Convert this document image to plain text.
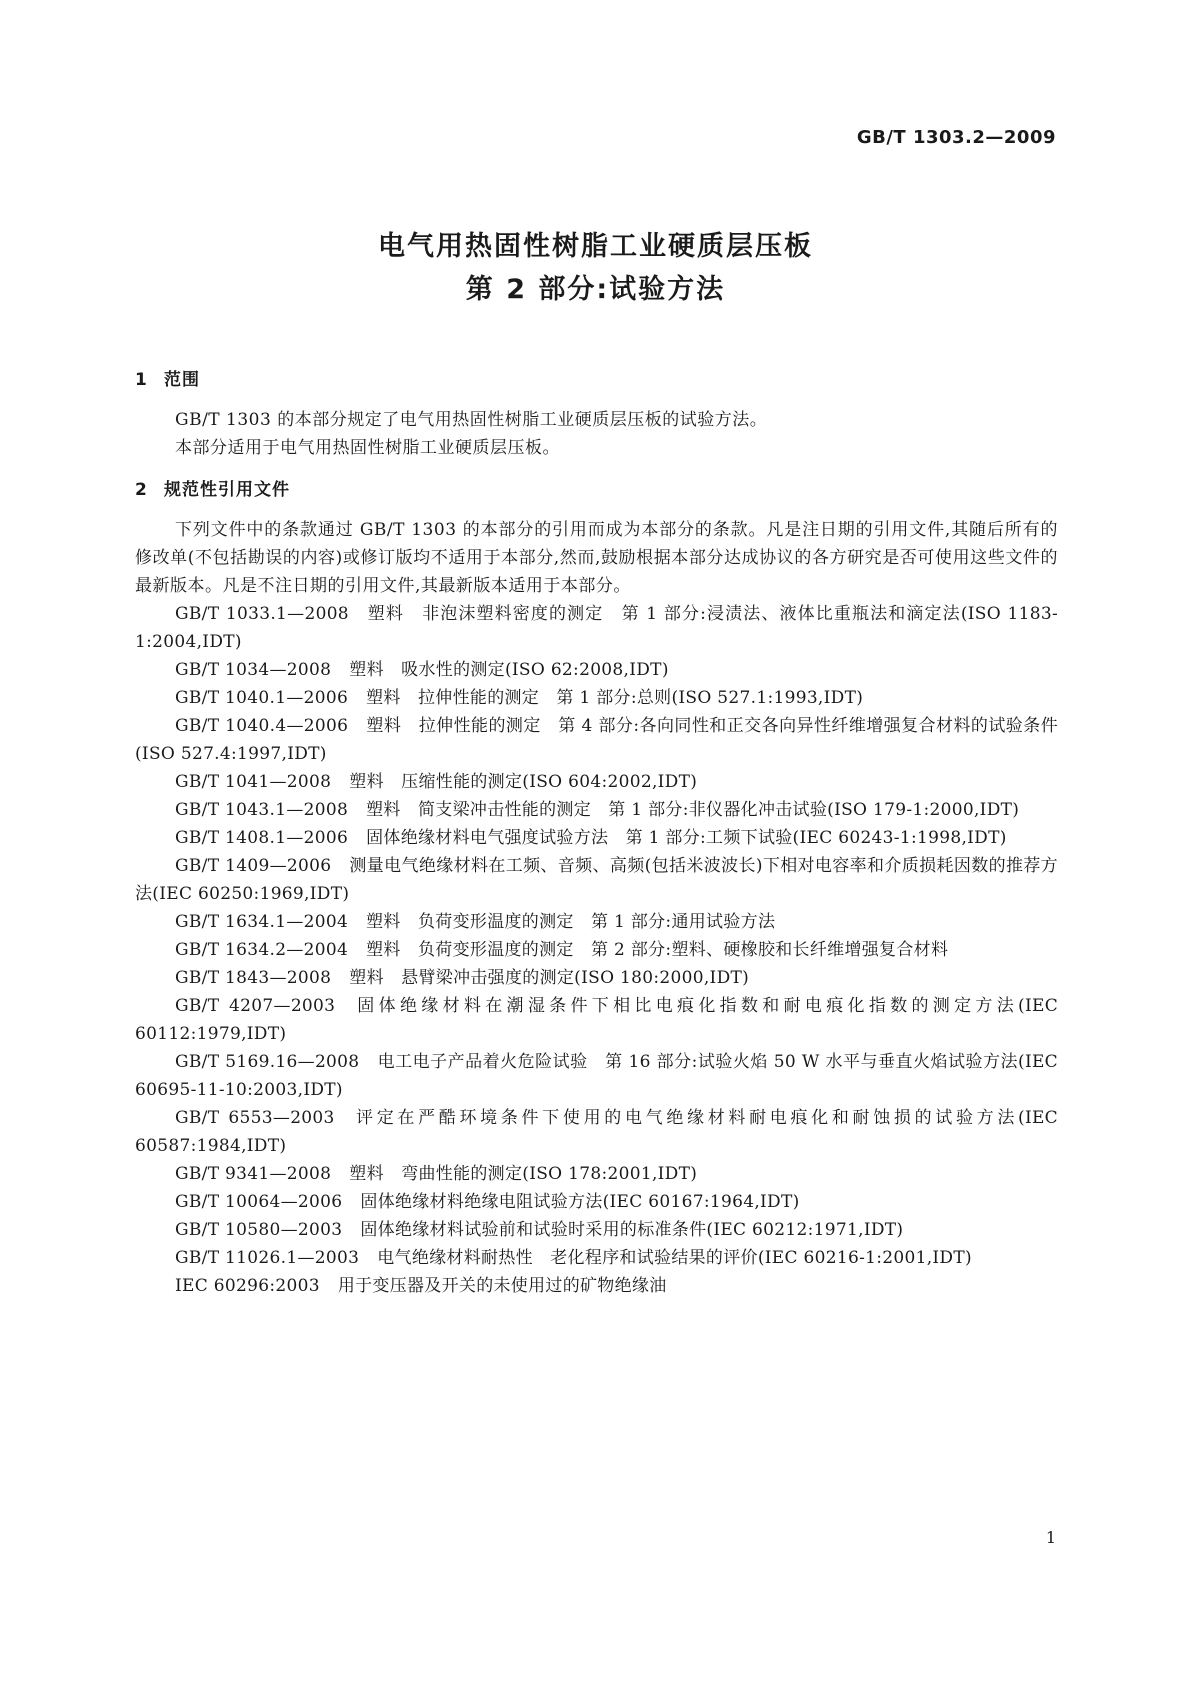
GB/T 1303.2—2009
电气用热固性树脂工业硬质层压板
第 2 部分:试验方法
1 范围

GB/T 1303 的本部分规定了电气用热固性树脂工业硬质层压板的试验方法。

本部分适用于电气用热固性树脂工业硬质层压板。

2 规范性引用文件

下列文件中的条款通过 GB/T 1303 的本部分的引用而成为本部分的条款。凡是注日期的引用文件,其随后所有的修改单(不包括勘误的内容)或修订版均不适用于本部分,然而,鼓励根据本部分达成协议的各方研究是否可使用这些文件的最新版本。凡是不注日期的引用文件,其最新版本适用于本部分。

GB/T 1033.1—2008 塑料　非泡沫塑料密度的测定　第 1 部分:浸渍法、液体比重瓶法和滴定法(ISO 1183-1:2004,IDT)

GB/T 1034—2008 塑料　吸水性的测定(ISO 62:2008,IDT)

GB/T 1040.1—2006 塑料　拉伸性能的测定　第 1 部分:总则(ISO 527.1:1993,IDT)

GB/T 1040.4—2006 塑料　拉伸性能的测定　第 4 部分:各向同性和正交各向异性纤维增强复合材料的试验条件 (ISO 527.4:1997,IDT)

GB/T 1041—2008 塑料　压缩性能的测定(ISO 604:2002,IDT)

GB/T 1043.1—2008 塑料　简支梁冲击性能的测定　第 1 部分:非仪器化冲击试验(ISO 179-1:2000,IDT)

GB/T 1408.1—2006 固体绝缘材料电气强度试验方法　第 1 部分:工频下试验(IEC 60243-1:1998,IDT)

GB/T 1409—2006 测量电气绝缘材料在工频、音频、高频(包括米波波长)下相对电容率和介质损耗因数的推荐方法(IEC 60250:1969,IDT)

GB/T 1634.1—2004 塑料　负荷变形温度的测定　第 1 部分:通用试验方法

GB/T 1634.2—2004 塑料　负荷变形温度的测定　第 2 部分:塑料、硬橡胶和长纤维增强复合材料

GB/T 1843—2008 塑料　悬臂梁冲击强度的测定(ISO 180:2000,IDT)

GB/T 4207—2003 固体绝缘材料在潮湿条件下相比电痕化指数和耐电痕化指数的测定方法(IEC 60112:1979,IDT)

GB/T 5169.16—2008 电工电子产品着火危险试验　第 16 部分:试验火焰 50 W 水平与垂直火焰试验方法(IEC 60695-11-10:2003,IDT)

GB/T 6553—2003 评定在严酷环境条件下使用的电气绝缘材料耐电痕化和耐蚀损的试验方法(IEC 60587:1984,IDT)

GB/T 9341—2008 塑料　弯曲性能的测定(ISO 178:2001,IDT)

GB/T 10064—2006 固体绝缘材料绝缘电阻试验方法(IEC 60167:1964,IDT)

GB/T 10580—2003 固体绝缘材料试验前和试验时采用的标准条件(IEC 60212:1971,IDT)

GB/T 11026.1—2003 电气绝缘材料耐热性　老化程序和试验结果的评价(IEC 60216-1:2001,IDT)

IEC 60296:2003 用于变压器及开关的未使用过的矿物绝缘油

1
